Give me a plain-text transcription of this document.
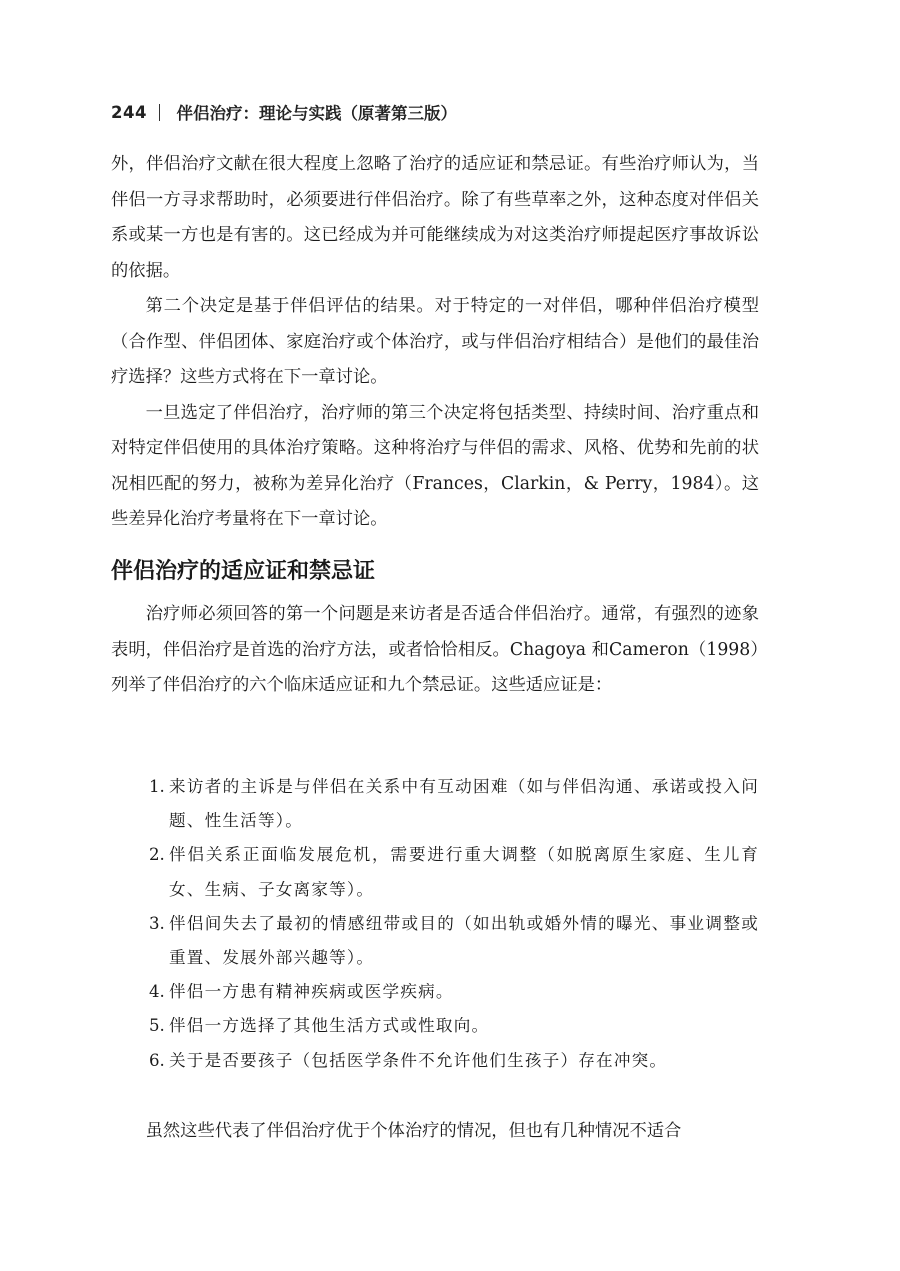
244 伴侣治疗：理论与实践（原著第三版）

外，伴侣治疗文献在很大程度上忽略了治疗的适应证和禁忌证。有些治疗师认为，当伴侣一方寻求帮助时，必须要进行伴侣治疗。除了有些草率之外，这种态度对伴侣关系或某一方也是有害的。这已经成为并可能继续成为对这类治疗师提起医疗事故诉讼的依据。

第二个决定是基于伴侣评估的结果。对于特定的一对伴侣，哪种伴侣治疗模型（合作型、伴侣团体、家庭治疗或个体治疗，或与伴侣治疗相结合）是他们的最佳治疗选择？这些方式将在下一章讨论。

一旦选定了伴侣治疗，治疗师的第三个决定将包括类型、持续时间、治疗重点和对特定伴侣使用的具体治疗策略。这种将治疗与伴侣的需求、风格、优势和先前的状况相匹配的努力，被称为差异化治疗（Frances，Clarkin，& Perry，1984）。这些差异化治疗考量将在下一章讨论。

伴侣治疗的适应证和禁忌证

治疗师必须回答的第一个问题是来访者是否适合伴侣治疗。通常，有强烈的迹象表明，伴侣治疗是首选的治疗方法，或者恰恰相反。Chagoya 和Cameron（1998）列举了伴侣治疗的六个临床适应证和九个禁忌证。这些适应证是：

1. 来访者的主诉是与伴侣在关系中有互动困难（如与伴侣沟通、承诺或投入问题、性生活等）。
2. 伴侣关系正面临发展危机，需要进行重大调整（如脱离原生家庭、生儿育女、生病、子女离家等）。
3. 伴侣间失去了最初的情感纽带或目的（如出轨或婚外情的曝光、事业调整或重置、发展外部兴趣等）。
4. 伴侣一方患有精神疾病或医学疾病。
5. 伴侣一方选择了其他生活方式或性取向。
6. 关于是否要孩子（包括医学条件不允许他们生孩子）存在冲突。

虽然这些代表了伴侣治疗优于个体治疗的情况，但也有几种情况不适合
